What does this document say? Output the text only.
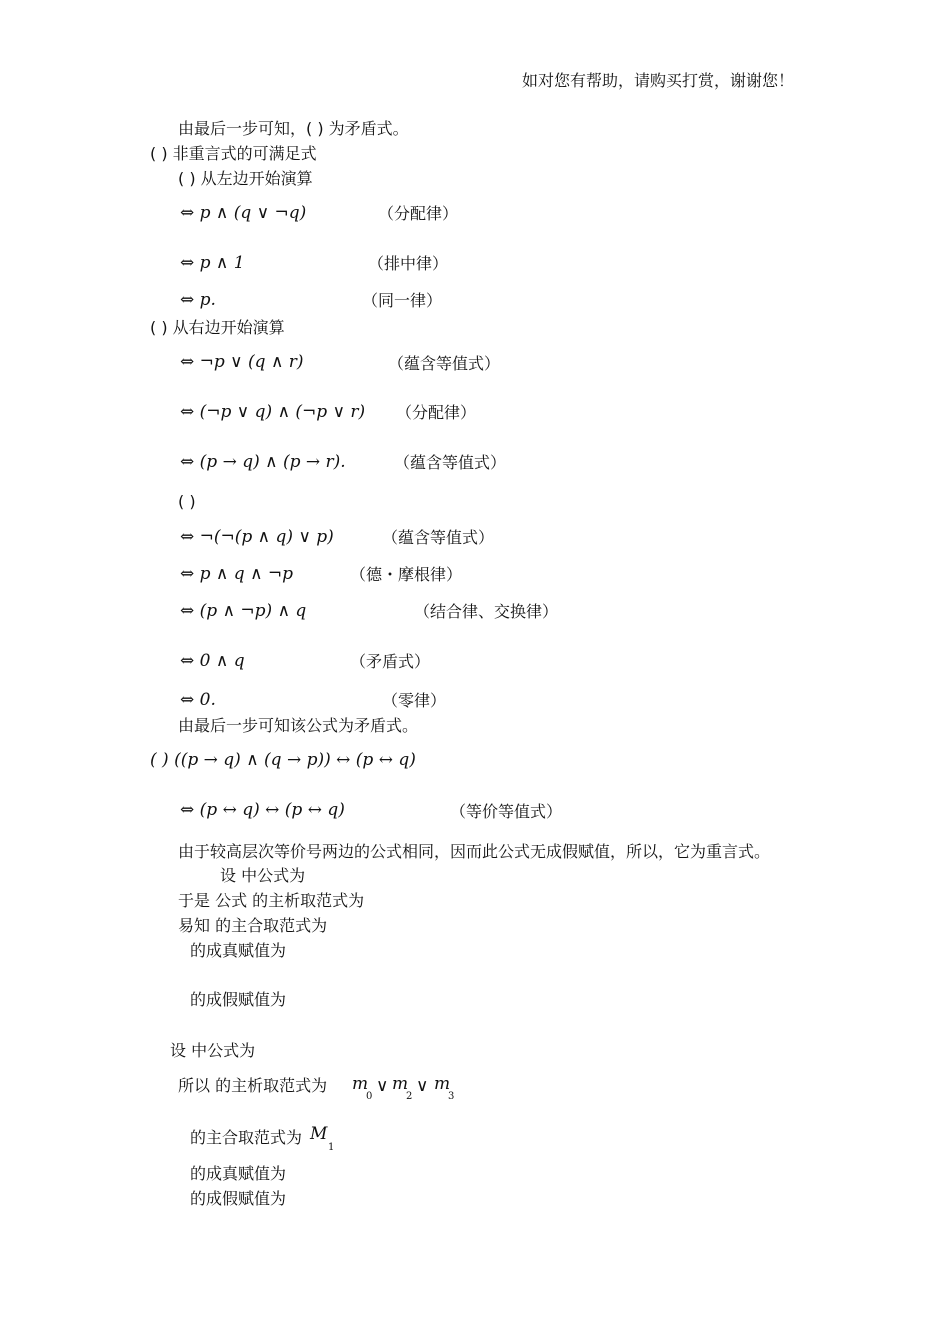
如对您有帮助，请购买打赏，谢谢您！
由最后一步可知，( ) 为矛盾式。
( ) 非重言式的可满足式
( ) 从左边开始演算
⇔ p ∧ (q ∨ ¬q)	（分配律）
⇔ p ∧ 1	（排中律）
⇔ p.	（同一律）
( ) 从右边开始演算
⇔ ¬p ∨ (q ∧ r)	（蕴含等值式）
⇔ (¬p ∨ q) ∧ (¬p ∨ r) （分配律）
⇔ (p → q) ∧ (p → r).	（蕴含等值式）
( )
⇔ ¬(¬(p ∧ q) ∨ p)	（蕴含等值式）
⇔ p ∧ q ∧ ¬p	（德・摩根律）
⇔ (p ∧ ¬p) ∧ q	（结合律、交换律）
⇔ 0 ∧ q	（矛盾式）
⇔ 0.	（零律）
由最后一步可知该公式为矛盾式。
( ) ((p → q) ∧ (q → p)) ↔ (p ↔ q)
⇔ (p ↔ q) ↔ (p ↔ q)	（等价等值式）
由于较高层次等价号两边的公式相同，因而此公式无成假赋值，所以，它为重言式。
设 中公式为
于是 公式 的主析取范式为
易知 的主合取范式为
的成真赋值为
的成假赋值为
设 中公式为
所以 的主析取范式为 m
0
∨ m
2
∨ m
3
的主合取范式为 M
1
的成真赋值为
的成假赋值为
